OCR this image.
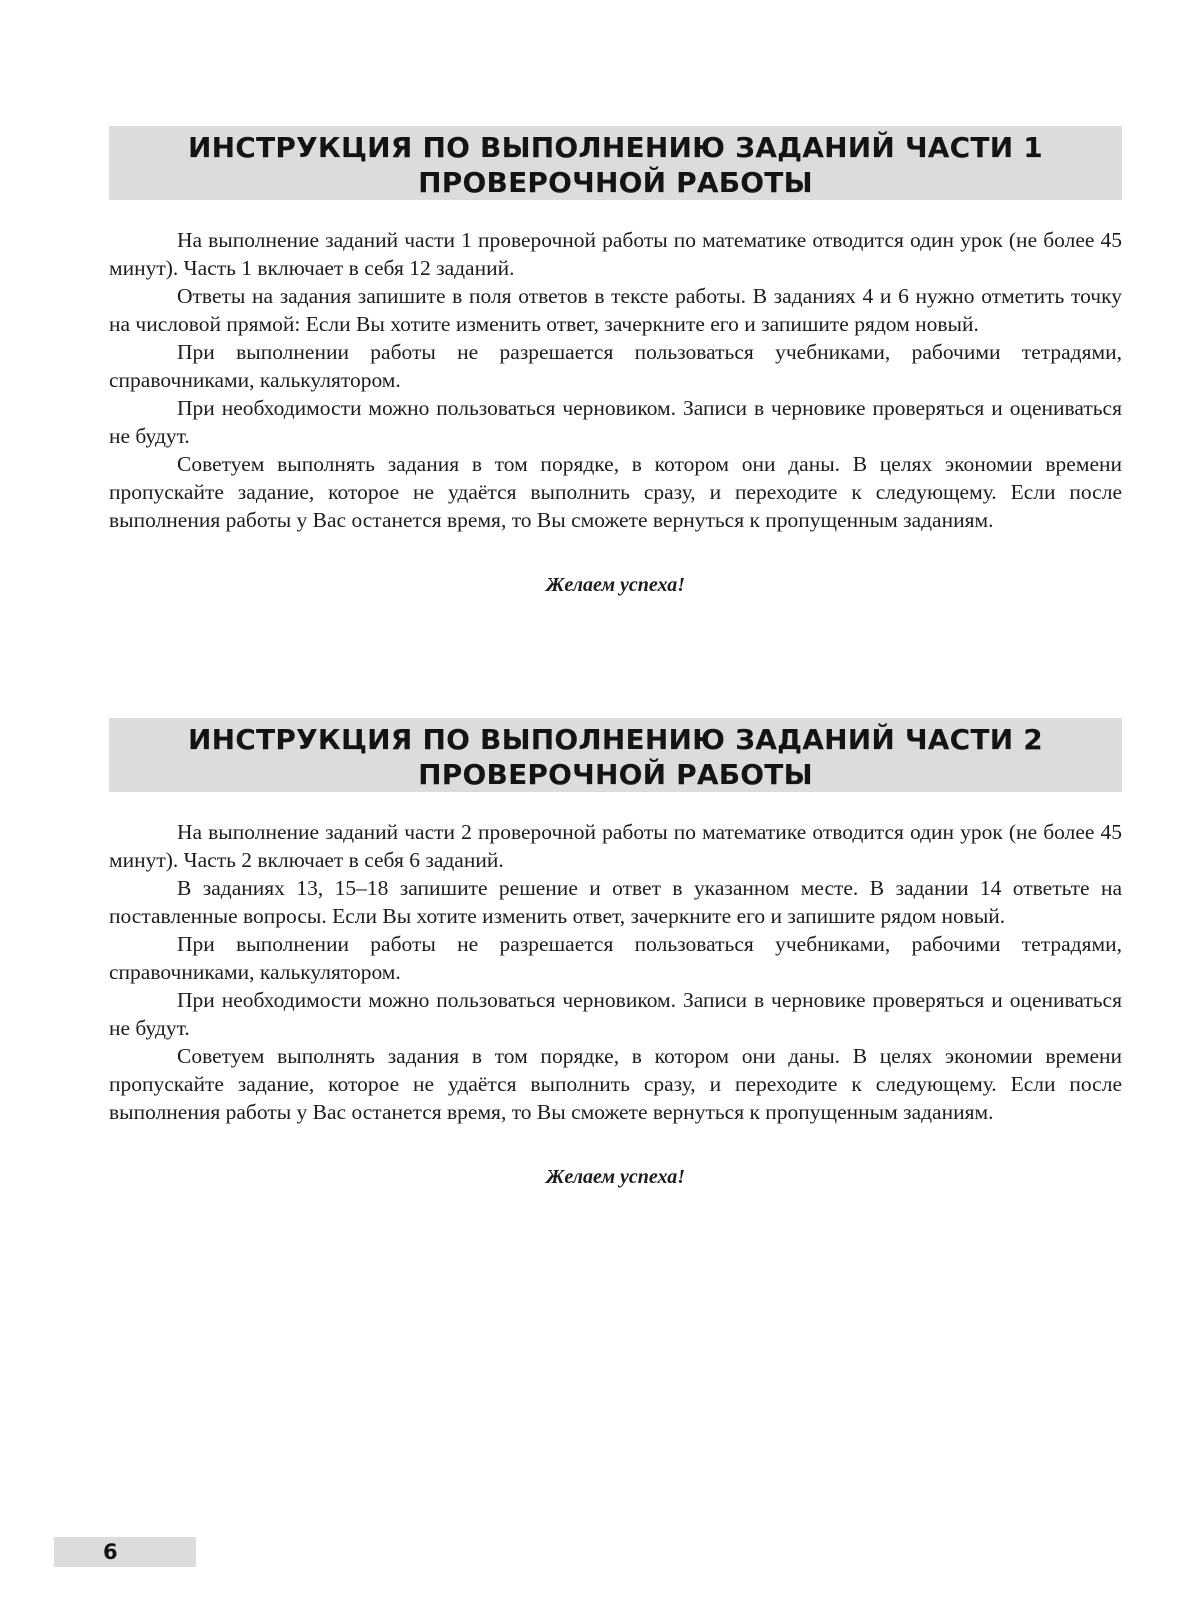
ИНСТРУКЦИЯ ПО ВЫПОЛНЕНИЮ ЗАДАНИЙ ЧАСТИ 1
ПРОВЕРОЧНОЙ РАБОТЫ

На выполнение заданий части 1 проверочной работы по математике отводится один урок (не более 45 минут). Часть 1 включает в себя 12 заданий.

Ответы на задания запишите в поля ответов в тексте работы. В заданиях 4 и 6 нужно отметить точку на числовой прямой: Если Вы хотите изменить ответ, зачеркните его и запишите рядом новый.

При выполнении работы не разрешается пользоваться учебниками, рабочими тетрадями, справочниками, калькулятором.

При необходимости можно пользоваться черновиком. Записи в черновике проверяться и оцениваться не будут.

Советуем выполнять задания в том порядке, в котором они даны. В целях экономии времени пропускайте задание, которое не удаётся выполнить сразу, и переходите к следующему. Если после выполнения работы у Вас останется время, то Вы сможете вернуться к пропущенным заданиям.

Желаем успеха!
ИНСТРУКЦИЯ ПО ВЫПОЛНЕНИЮ ЗАДАНИЙ ЧАСТИ 2
ПРОВЕРОЧНОЙ РАБОТЫ

На выполнение заданий части 2 проверочной работы по математике отводится один урок (не более 45 минут). Часть 2 включает в себя 6 заданий.

В заданиях 13, 15–18 запишите решение и ответ в указанном месте. В задании 14 ответьте на поставленные вопросы. Если Вы хотите изменить ответ, зачеркните его и запишите рядом новый.

При выполнении работы не разрешается пользоваться учебниками, рабочими тетрадями, справочниками, калькулятором.

При необходимости можно пользоваться черновиком. Записи в черновике проверяться и оцениваться не будут.

Советуем выполнять задания в том порядке, в котором они даны. В целях экономии времени пропускайте задание, которое не удаётся выполнить сразу, и переходите к следующему. Если после выполнения работы у Вас останется время, то Вы сможете вернуться к пропущенным заданиям.

Желаем успеха!
6
